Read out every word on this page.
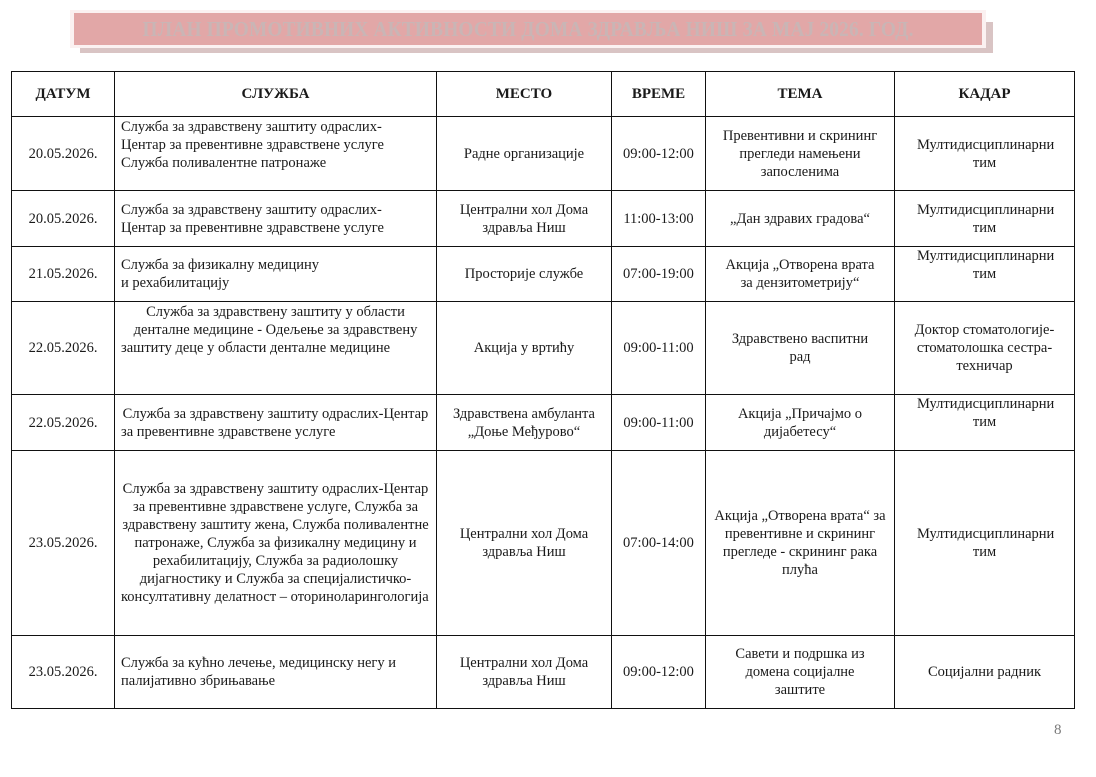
ПЛАН ПРОМОТИВНИХ АКТИВНОСТИ ДОМА ЗДРАВЉА НИШ ЗА МАЈ 2026. ГОД.
ДАТУМ	СЛУЖБА	МЕСТО	ВРЕМЕ	ТЕМА	КАДАР
20.05.2026.	Служба за здравствену заштиту одраслих-
Центар за превентивне здравствене услуге
Служба поливалентне патронаже	Радне организације	09:00-12:00	Превентивни и скрининг прегледи намењени запосленима	Мултидисциплинарни тим
20.05.2026.	Служба за здравствену заштиту одраслих-
Центар за превентивне здравствене услуге	Централни хол Дома здравља Ниш	11:00-13:00	„Дан здравих градова“	Мултидисциплинарни тим
21.05.2026.	Служба за физикалну медицину
и рехабилитацију	Просторије службе	07:00-19:00	Акција „Отворена врата за дензитометрију“	Мултидисциплинарни тим
22.05.2026.	Служба за здравствену заштиту у области денталне медицине - Одељење за здравствену заштиту деце у области денталне медицине	Акција у вртићу	09:00-11:00	Здравствено васпитни рад	Доктор стоматологије-стоматолошка сестра-техничар
22.05.2026.	Служба за здравствену заштиту одраслих-Центар за превентивне здравствене услуге	Здравствена амбуланта „Доње Међурово“	09:00-11:00	Акција „Причајмо о дијабетесу“	Мултидисциплинарни тим
23.05.2026.	Служба за здравствену заштиту одраслих-Центар за превентивне здравствене услуге, Служба за здравствену заштиту жена, Служба поливалентне патронаже, Служба за физикалну медицину и рехабилитацију, Служба за радиолошку дијагностику и Служба за специјалистичко-консултативну делатност – оториноларингологија	Централни хол Дома здравља Ниш	07:00-14:00	Акција „Отворена врата“ за превентивне и скрининг прегледе - скрининг рака плућа	Мултидисциплинарни тим
23.05.2026.	Служба за кућно лечење, медицинску негу и палијативно збрињавање	Централни хол Дома здравља Ниш	09:00-12:00	Савети и подршка из домена социјалне заштите	Социјални радник
8
